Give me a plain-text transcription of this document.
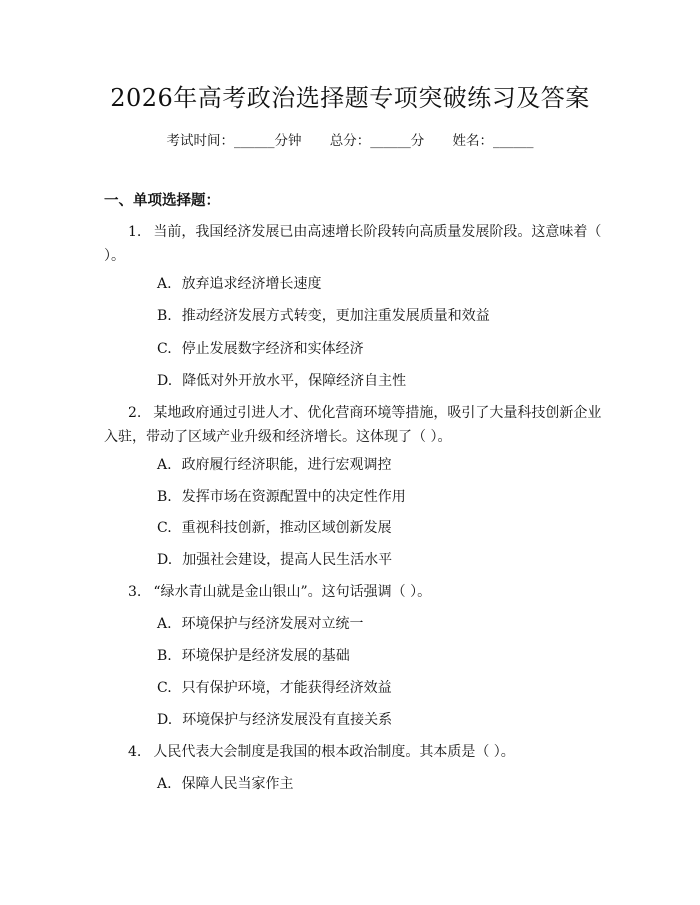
2026年高考政治选择题专项突破练习及答案
考试时间：______分钟 总分：______分 姓名：______
一、单项选择题：
1. 当前，我国经济发展已由高速增长阶段转向高质量发展阶段。这意味着（ ）。
A. 放弃追求经济增长速度
B. 推动经济发展方式转变，更加注重发展质量和效益
C. 停止发展数字经济和实体经济
D. 降低对外开放水平，保障经济自主性
2. 某地政府通过引进人才、优化营商环境等措施，吸引了大量科技创新企业入驻，带动了区域产业升级和经济增长。这体现了（ ）。
A. 政府履行经济职能，进行宏观调控
B. 发挥市场在资源配置中的决定性作用
C. 重视科技创新，推动区域创新发展
D. 加强社会建设，提高人民生活水平
3. “绿水青山就是金山银山”。这句话强调（ ）。
A. 环境保护与经济发展对立统一
B. 环境保护是经济发展的基础
C. 只有保护环境，才能获得经济效益
D. 环境保护与经济发展没有直接关系
4. 人民代表大会制度是我国的根本政治制度。其本质是（ ）。
A. 保障人民当家作主
